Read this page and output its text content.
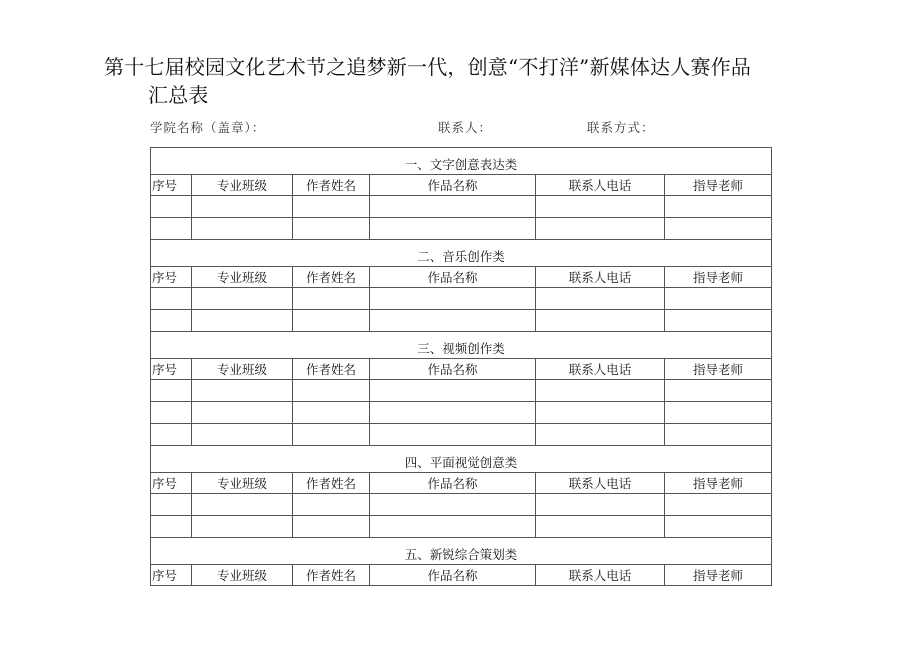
第十七届校园文化艺术节之追梦新一代，创意“不打洋”新媒体达人赛作品
汇总表
学院名称（盖章）：	联系人：	联系方式：
一、文字创意表达类					
序号	专业班级	作者姓名	作品名称	联系人电话	指导老师

二、音乐创作类					
序号	专业班级	作者姓名	作品名称	联系人电话	指导老师

三、视频创作类					
序号	专业班级	作者姓名	作品名称	联系人电话	指导老师

四、平面视觉创意类					
序号	专业班级	作者姓名	作品名称	联系人电话	指导老师

五、新锐综合策划类					
序号	专业班级	作者姓名	作品名称	联系人电话	指导老师
